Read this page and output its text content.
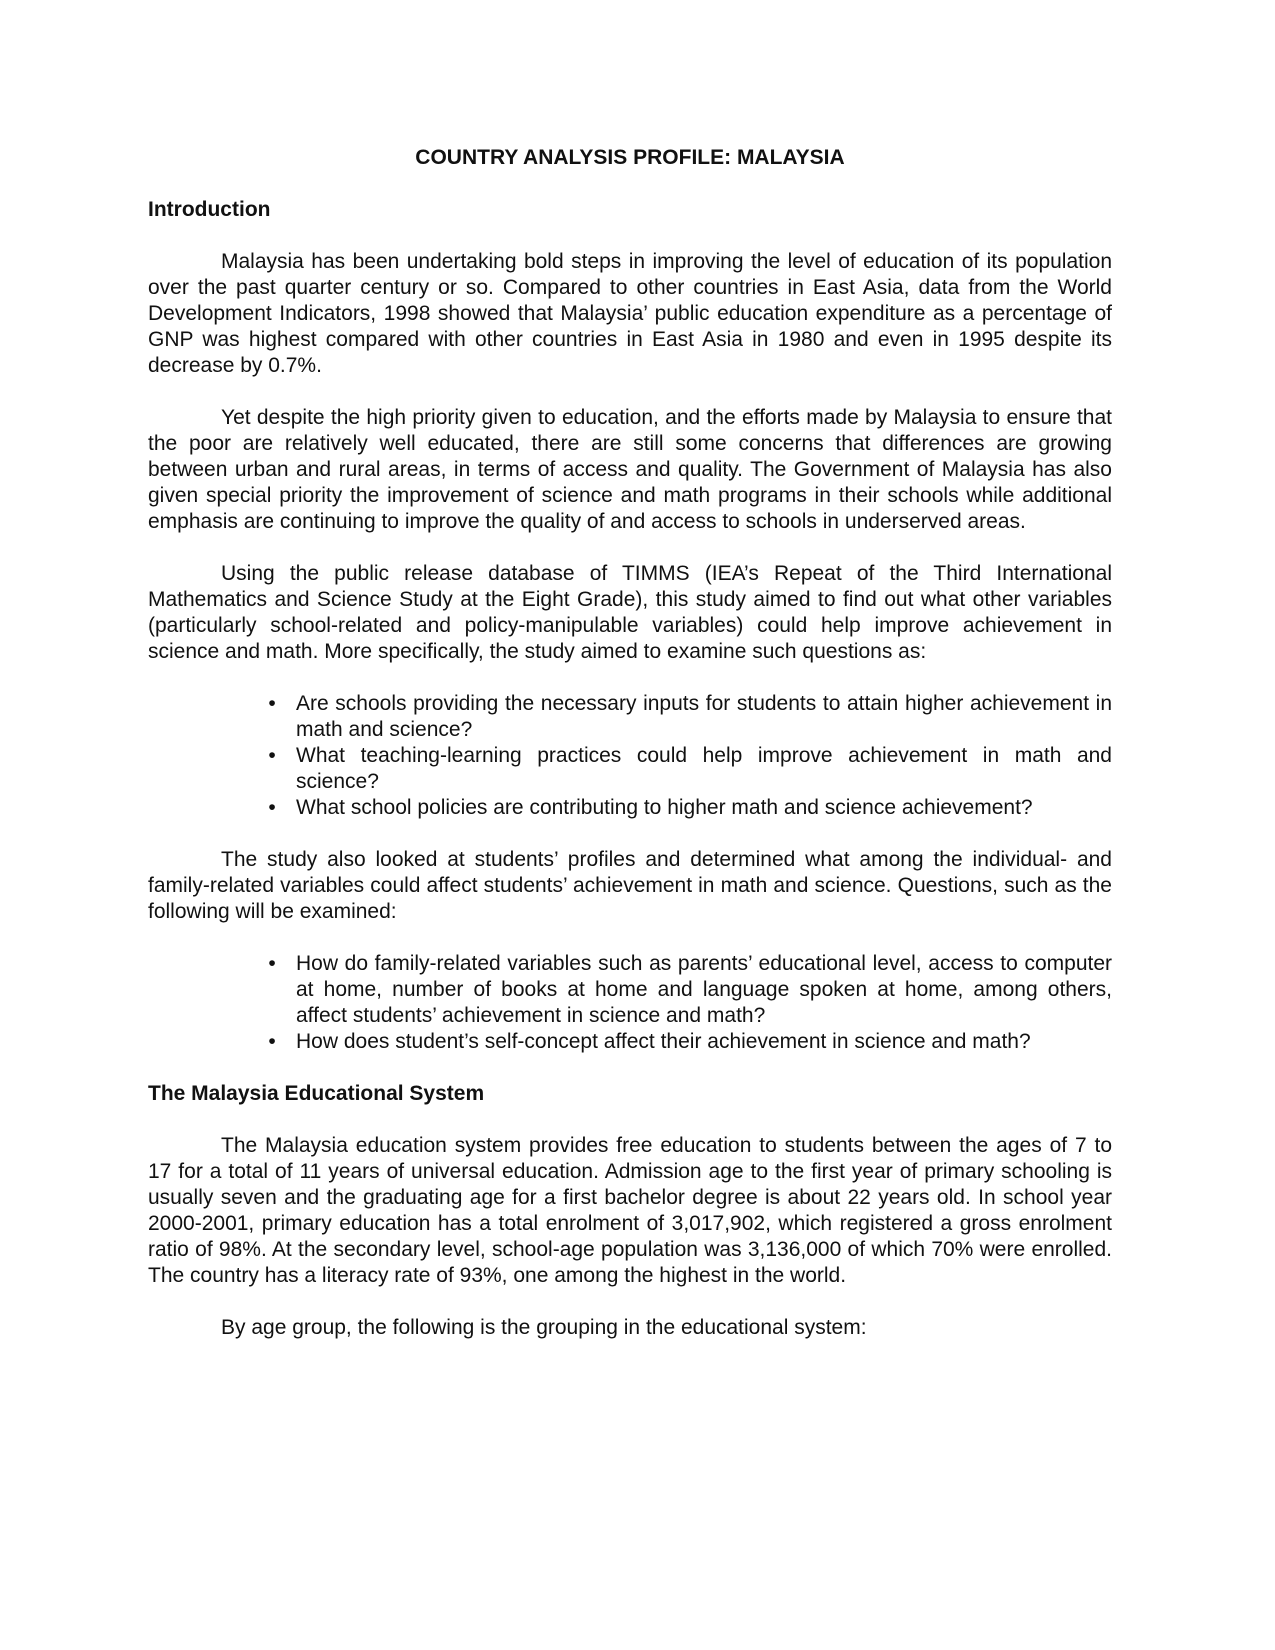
COUNTRY ANALYSIS PROFILE: MALAYSIA
Introduction

Malaysia has been undertaking bold steps in improving the level of education of its population over the past quarter century or so. Compared to other countries in East Asia, data from the World Development Indicators, 1998 showed that Malaysia’ public education expenditure as a percentage of GNP was highest compared with other countries in East Asia in 1980 and even in 1995 despite its decrease by 0.7%.

Yet despite the high priority given to education, and the efforts made by Malaysia to ensure that the poor are relatively well educated, there are still some concerns that differences are growing between urban and rural areas, in terms of access and quality. The Government of Malaysia has also given special priority the improvement of science and math programs in their schools while additional emphasis are continuing to improve the quality of and access to schools in underserved areas.

Using the public release database of TIMMS (IEA’s Repeat of the Third International Mathematics and Science Study at the Eight Grade), this study aimed to find out what other variables (particularly school-related and policy-manipulable variables) could help improve achievement in science and math. More specifically, the study aimed to examine such questions as:

• Are schools providing the necessary inputs for students to attain higher achievement in math and science?
• What teaching-learning practices could help improve achievement in math and science?
• What school policies are contributing to higher math and science achievement?

The study also looked at students’ profiles and determined what among the individual- and family-related variables could affect students’ achievement in math and science. Questions, such as the following will be examined:

• How do family-related variables such as parents’ educational level, access to computer at home, number of books at home and language spoken at home, among others, affect students’ achievement in science and math?
• How does student’s self-concept affect their achievement in science and math?
The Malaysia Educational System

The Malaysia education system provides free education to students between the ages of 7 to 17 for a total of 11 years of universal education. Admission age to the first year of primary schooling is usually seven and the graduating age for a first bachelor degree is about 22 years old. In school year 2000-2001, primary education has a total enrolment of 3,017,902, which registered a gross enrolment ratio of 98%. At the secondary level, school-age population was 3,136,000 of which 70% were enrolled. The country has a literacy rate of 93%, one among the highest in the world.

By age group, the following is the grouping in the educational system:
